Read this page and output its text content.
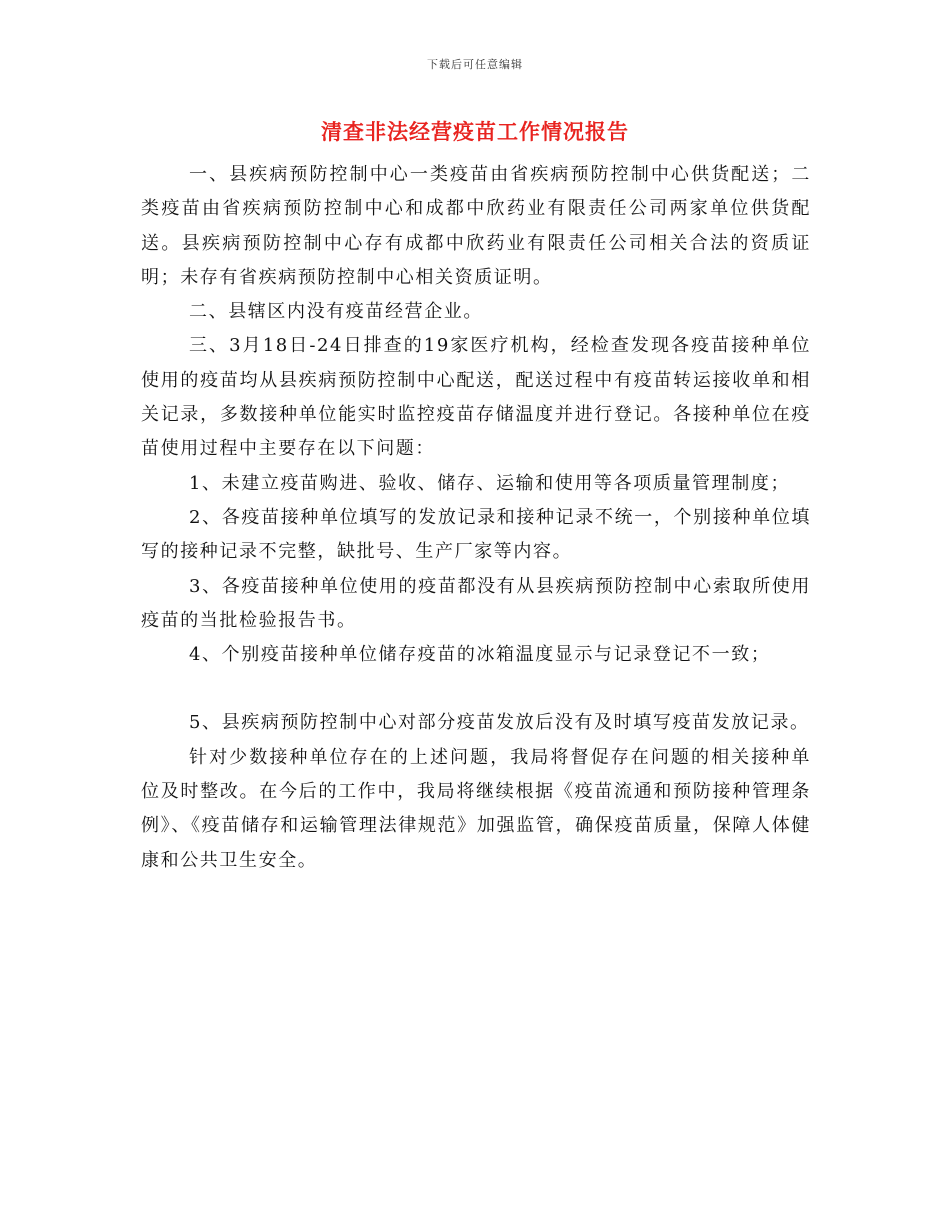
下载后可任意编辑
清查非法经营疫苗工作情况报告

一、县疾病预防控制中心一类疫苗由省疾病预防控制中心供货配送；二类疫苗由省疾病预防控制中心和成都中欣药业有限责任公司两家单位供货配送。县疾病预防控制中心存有成都中欣药业有限责任公司相关合法的资质证明；未存有省疾病预防控制中心相关资质证明。

二、县辖区内没有疫苗经营企业。

三、3月18日-24日排查的19家医疗机构，经检查发现各疫苗接种单位使用的疫苗均从县疾病预防控制中心配送，配送过程中有疫苗转运接收单和相关记录，多数接种单位能实时监控疫苗存储温度并进行登记。各接种单位在疫苗使用过程中主要存在以下问题：

1、未建立疫苗购进、验收、储存、运输和使用等各项质量管理制度；

2、各疫苗接种单位填写的发放记录和接种记录不统一，个别接种单位填写的接种记录不完整，缺批号、生产厂家等内容。

3、各疫苗接种单位使用的疫苗都没有从县疾病预防控制中心索取所使用疫苗的当批检验报告书。

4、个别疫苗接种单位储存疫苗的冰箱温度显示与记录登记不一致；

5、县疾病预防控制中心对部分疫苗发放后没有及时填写疫苗发放记录。

针对少数接种单位存在的上述问题，我局将督促存在问题的相关接种单位及时整改。在今后的工作中，我局将继续根据《疫苗流通和预防接种管理条例》、《疫苗储存和运输管理法律规范》加强监管，确保疫苗质量，保障人体健康和公共卫生安全。
